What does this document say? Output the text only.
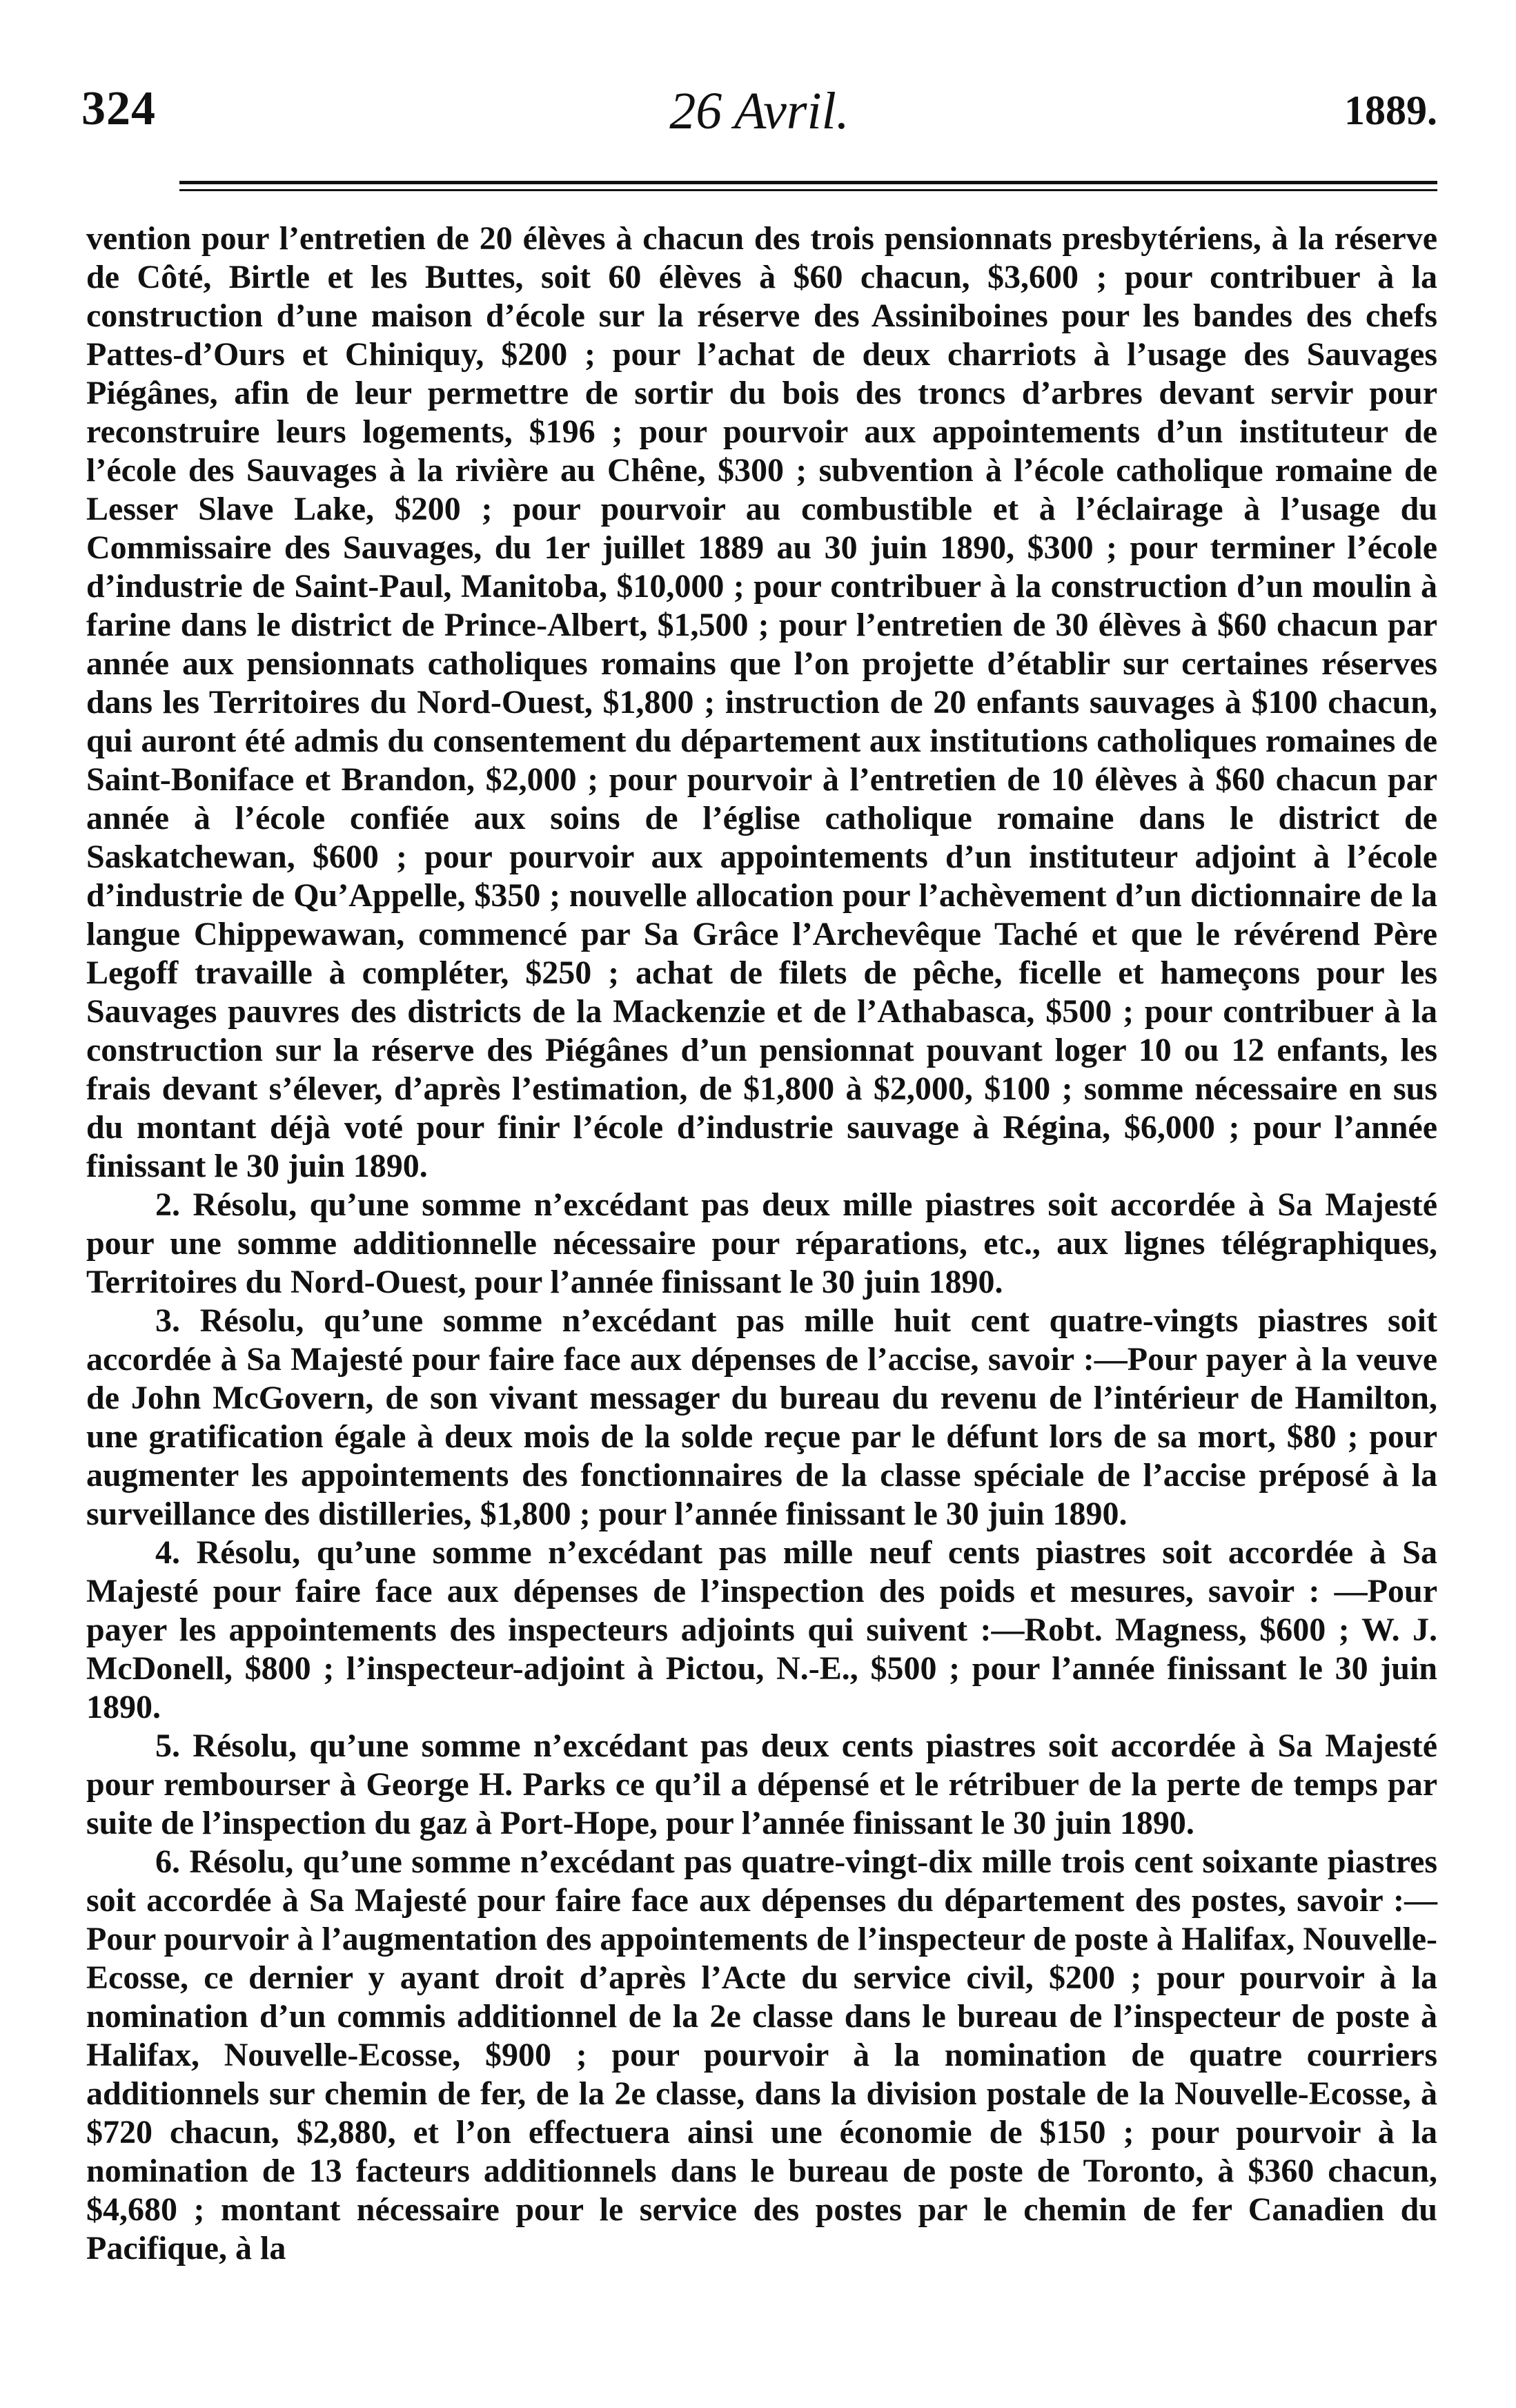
324	26 Avril.	1889.

vention pour l’entretien de 20 élèves à chacun des trois pensionnats presbytériens, à la réserve de Côté, Birtle et les Buttes, soit 60 élèves à $60 chacun, $3,600 ; pour contribuer à la construction d’une maison d’école sur la réserve des Assiniboines pour les bandes des chefs Pattes-d’Ours et Chiniquy, $200 ; pour l’achat de deux charriots à l’usage des Sauvages Piégânes, afin de leur permettre de sortir du bois des troncs d’arbres devant servir pour reconstruire leurs logements, $196 ; pour pourvoir aux appointements d’un instituteur de l’école des Sauvages à la rivière au Chêne, $300 ; subvention à l’école catholique romaine de Lesser Slave Lake, $200 ; pour pourvoir au combustible et à l’éclairage à l’usage du Commissaire des Sauvages, du 1er juillet 1889 au 30 juin 1890, $300 ; pour terminer l’école d’industrie de Saint-Paul, Manitoba, $10,000 ; pour contribuer à la construction d’un moulin à farine dans le district de Prince-Albert, $1,500 ; pour l’entretien de 30 élèves à $60 chacun par année aux pensionnats catholiques romains que l’on projette d’établir sur certaines réserves dans les Territoires du Nord-Ouest, $1,800 ; instruction de 20 enfants sauvages à $100 chacun, qui auront été admis du consentement du département aux institutions catholiques romaines de Saint-Boniface et Brandon, $2,000 ; pour pourvoir à l’entretien de 10 élèves à $60 chacun par année à l’école confiée aux soins de l’église catholique romaine dans le district de Saskatchewan, $600 ; pour pourvoir aux appointements d’un instituteur adjoint à l’école d’industrie de Qu’Appelle, $350 ; nouvelle allocation pour l’achèvement d’un dictionnaire de la langue Chippewawan, commencé par Sa Grâce l’Archevêque Taché et que le révérend Père Legoff travaille à compléter, $250 ; achat de filets de pêche, ficelle et hameçons pour les Sauvages pauvres des districts de la Mackenzie et de l’Athabasca, $500 ; pour contribuer à la construction sur la réserve des Piégânes d’un pensionnat pouvant loger 10 ou 12 enfants, les frais devant s’élever, d’après l’estimation, de $1,800 à $2,000, $100 ; somme nécessaire en sus du montant déjà voté pour finir l’école d’industrie sauvage à Régina, $6,000 ; pour l’année finissant le 30 juin 1890.

2. Résolu, qu’une somme n’excédant pas deux mille piastres soit accordée à Sa Majesté pour une somme additionnelle nécessaire pour réparations, etc., aux lignes télégraphiques, Territoires du Nord-Ouest, pour l’année finissant le 30 juin 1890.

3. Résolu, qu’une somme n’excédant pas mille huit cent quatre-vingts piastres soit accordée à Sa Majesté pour faire face aux dépenses de l’accise, savoir :—Pour payer à la veuve de John McGovern, de son vivant messager du bureau du revenu de l’intérieur de Hamilton, une gratification égale à deux mois de la solde reçue par le défunt lors de sa mort, $80 ; pour augmenter les appointements des fonctionnaires de la classe spéciale de l’accise préposé à la surveillance des distilleries, $1,800 ; pour l’année finissant le 30 juin 1890.

4. Résolu, qu’une somme n’excédant pas mille neuf cents piastres soit accordée à Sa Majesté pour faire face aux dépenses de l’inspection des poids et mesures, savoir : —Pour payer les appointements des inspecteurs adjoints qui suivent :—Robt. Magness, $600 ; W. J. McDonell, $800 ; l’inspecteur-adjoint à Pictou, N.-E., $500 ; pour l’année finissant le 30 juin 1890.

5. Résolu, qu’une somme n’excédant pas deux cents piastres soit accordée à Sa Majesté pour rembourser à George H. Parks ce qu’il a dépensé et le rétribuer de la perte de temps par suite de l’inspection du gaz à Port-Hope, pour l’année finissant le 30 juin 1890.

6. Résolu, qu’une somme n’excédant pas quatre-vingt-dix mille trois cent soixante piastres soit accordée à Sa Majesté pour faire face aux dépenses du département des postes, savoir :—Pour pourvoir à l’augmentation des appointements de l’inspecteur de poste à Halifax, Nouvelle-Ecosse, ce dernier y ayant droit d’après l’Acte du service civil, $200 ; pour pourvoir à la nomination d’un commis additionnel de la 2e classe dans le bureau de l’inspecteur de poste à Halifax, Nouvelle-Ecosse, $900 ; pour pourvoir à la nomination de quatre courriers additionnels sur chemin de fer, de la 2e classe, dans la division postale de la Nouvelle-Ecosse, à $720 chacun, $2,880, et l’on effectuera ainsi une économie de $150 ; pour pourvoir à la nomination de 13 facteurs additionnels dans le bureau de poste de Toronto, à $360 chacun, $4,680 ; montant nécessaire pour le service des postes par le chemin de fer Canadien du Pacifique, à la
